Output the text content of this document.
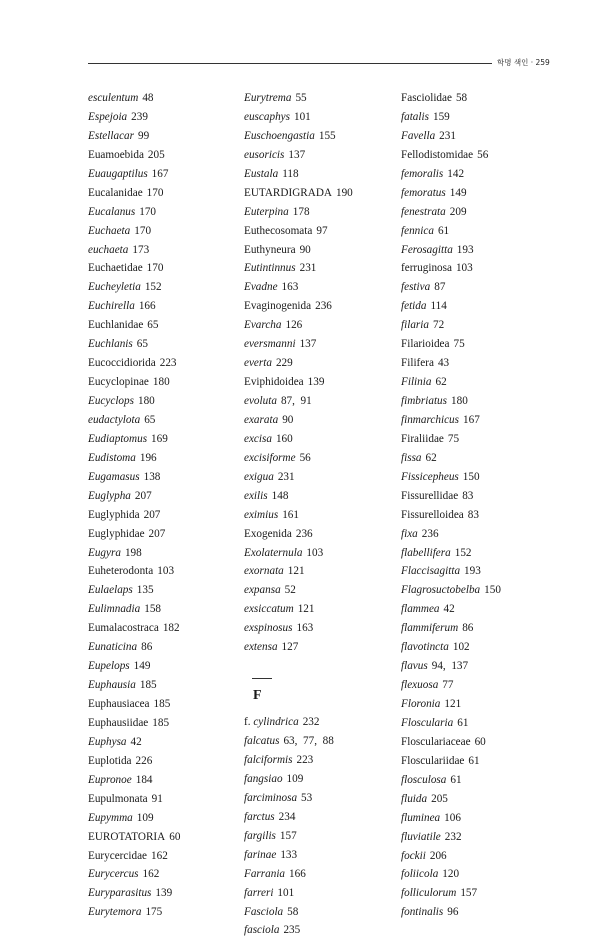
학명 색인 · 259
esculentum 48
Espejoia 239
Estellacar 99
Euamoebida 205
Euaugaptilus 167
Eucalanidae 170
Eucalanus 170
Euchaeta 170
euchaeta 173
Euchaetidae 170
Eucheyletia 152
Euchirella 166
Euchlanidae 65
Euchlanis 65
Eucoccidiorida 223
Eucyclopinae 180
Eucyclops 180
eudactylota 65
Eudiaptomus 169
Eudistoma 196
Eugamasus 138
Euglypha 207
Euglyphida 207
Euglyphidae 207
Eugyra 198
Euheterodonta 103
Eulaelaps 135
Eulimnadia 158
Eumalacostraca 182
Eunaticina 86
Eupelops 149
Euphausia 185
Euphausiacea 185
Euphausiidae 185
Euphysa 42
Euplotida 226
Eupronoe 184
Eupulmonata 91
Eupymma 109
EUROTATORIA 60
Eurycercidae 162
Eurycercus 162
Euryparasitus 139
Eurytemora 175
Eurytrema 55
euscaphys 101
Euschoengastia 155
eusoricis 137
Eustala 118
EUTARDIGRADA 190
Euterpina 178
Euthecosomata 97
Euthyneura 90
Eutintinnus 231
Evadne 163
Evaginogenida 236
Evarcha 126
eversmanni 137
everta 229
Eviphidoidea 139
evoluta 87,  91
exarata 90
excisa 160
excisiforme 56
exigua 231
exilis 148
eximius 161
Exogenida 236
Exolaternula 103
exornata 121
expansa 52
exsiccatum 121
exspinosus 163
extensa 127
F
f. cylindrica 232
falcatus 63,  77,  88
falciformis 223
fangsiao 109
farciminosa 53
farctus 234
fargilis 157
farinae 133
Farrania 166
farreri 101
Fasciola 58
fasciola 235
Fasciolidae 58
fatalis 159
Favella 231
Fellodistomidae 56
femoralis 142
femoratus 149
fenestrata 209
fennica 61
Ferosagitta 193
ferruginosa 103
festiva 87
fetida 114
filaria 72
Filarioidea 75
Filifera 43
Filinia 62
fimbriatus 180
finmarchicus 167
Firaliidae 75
fissa 62
Fissicepheus 150
Fissurellidae 83
Fissurelloidea 83
fixa 236
flabellifera 152
Flaccisagitta 193
Flagrosuctobelba 150
flammea 42
flammiferum 86
flavotincta 102
flavus 94,  137
flexuosa 77
Floronia 121
Floscularia 61
Flosculariaceae 60
Flosculariidae 61
flosculosa 61
fluida 205
fluminea 106
fluviatile 232
fockii 206
foliicola 120
folliculorum 157
fontinalis 96
